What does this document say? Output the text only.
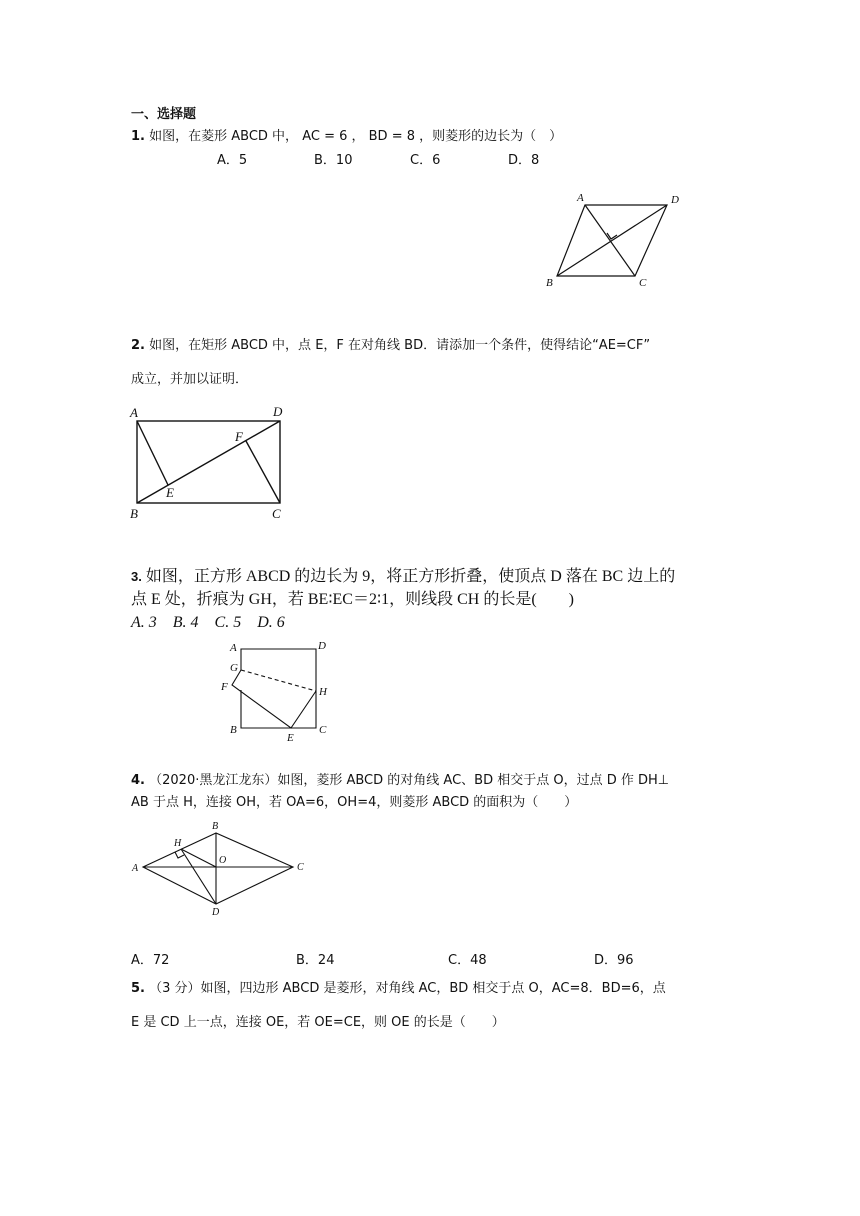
一、选择题
1. 如图，在菱形 ABCD 中， AC = 6 ， BD = 8 ，则菱形的边长为（　）
A．5	B．10	C．6	D．8
A	D
B	C
2. 如图，在矩形 ABCD 中，点 E，F 在对角线 BD．请添加一个条件，使得结论“AE=CF”
成立，并加以证明．
A	D
B	C
F
E
3. 如图，正方形 ABCD 的边长为 9，将正方形折叠，使顶点 D 落在 BC 边上的
点 E 处，折痕为 GH，若 BE∶EC＝2∶1，则线段 CH 的长是(　　)
A. 3　B. 4　C. 5　D. 6
A	D
G
F	H
B	C
E
4. （2020·黑龙江龙东）如图，菱形 ABCD 的对角线 AC、BD 相交于点 O，过点 D 作 DH⊥
AB 于点 H，连接 OH，若 OA=6，OH=4，则菱形 ABCD 的面积为（　　）
A
B
C
D
H
O
A．72	B．24	C．48	D．96
5. （3 分）如图，四边形 ABCD 是菱形，对角线 AC，BD 相交于点 O，AC=8．BD=6，点
E 是 CD 上一点，连接 OE，若 OE=CE，则 OE 的长是（　　）
